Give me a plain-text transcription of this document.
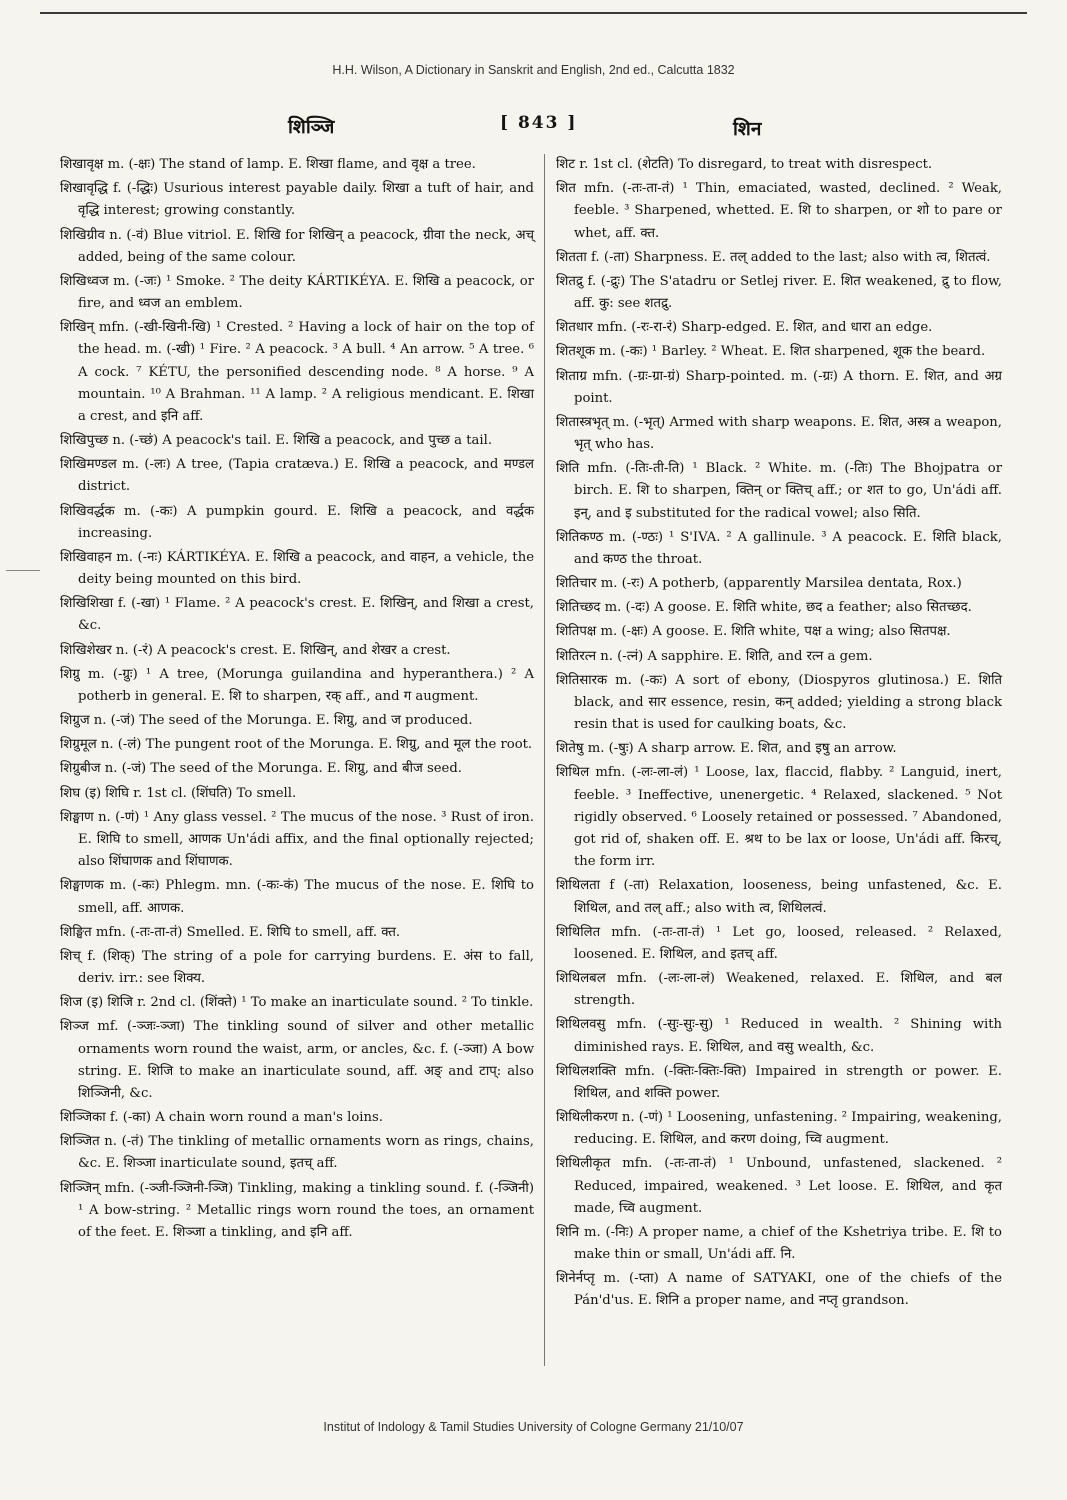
H.H. Wilson, A Dictionary in Sanskrit and English, 2nd ed., Calcutta 1832
शिञ्जि	[ 843 ]	शिन

शिखावृक्ष m. (-क्षः) The stand of lamp. E. शिखा flame, and वृक्ष a tree.

शिखावृद्धि f. (-द्धिः) Usurious interest payable daily. शिखा a tuft of hair, and वृद्धि interest; growing constantly.

शिखिग्रीव n. (-वं) Blue vitriol. E. शिखि for शिखिन् a peacock, ग्रीवा the neck, अच् added, being of the same colour.

शिखिध्वज m. (-जः) ¹ Smoke. ² The deity KÁRTIKÉYA. E. शिखि a peacock, or fire, and ध्वज an emblem.

शिखिन् mfn. (-खी-खिनी-खि) ¹ Crested. ² Having a lock of hair on the top of the head. m. (-खी) ¹ Fire. ² A peacock. ³ A bull. ⁴ An arrow. ⁵ A tree. ⁶ A cock. ⁷ KÉTU, the personified descending node. ⁸ A horse. ⁹ A mountain. ¹⁰ A Brahman. ¹¹ A lamp. ² A religious mendicant. E. शिखा a crest, and इनि aff.

शिखिपुच्छ n. (-च्छं) A peacock's tail. E. शिखि a peacock, and पुच्छ a tail.

शिखिमण्डल m. (-लः) A tree, (Tapia cratæva.) E. शिखि a peacock, and मण्डल district.

शिखिवर्द्धक m. (-कः) A pumpkin gourd. E. शिखि a peacock, and वर्द्धक increasing.

शिखिवाहन m. (-नः) KÁRTIKÉYA. E. शिखि a peacock, and वाहन, a vehicle, the deity being mounted on this bird.

शिखिशिखा f. (-खा) ¹ Flame. ² A peacock's crest. E. शिखिन्, and शिखा a crest, &c.

शिखिशेखर n. (-रं) A peacock's crest. E. शिखिन्, and शेखर a crest.

शिग्रु m. (-ग्रुः) ¹ A tree, (Morunga guilandina and hyperanthera.) ² A potherb in general. E. शि to sharpen, रक् aff., and ग augment.

शिग्रुज n. (-जं) The seed of the Morunga. E. शिग्रु, and ज produced.

शिग्रुमूल n. (-लं) The pungent root of the Morunga. E. शिग्रु, and मूल the root.

शिग्रुबीज n. (-जं) The seed of the Morunga. E. शिग्रु, and बीज seed.

शिघ (इ) शिघि r. 1st cl. (शिंघति) To smell.

शिङ्घाण n. (-णं) ¹ Any glass vessel. ² The mucus of the nose. ³ Rust of iron. E. शिघि to smell, आणक Un'ádi affix, and the final optionally rejected; also शिंघाणक and शिंघाणक.

शिङ्घाणक m. (-कः) Phlegm. mn. (-कः-कं) The mucus of the nose. E. शिघि to smell, aff. आणक.

शिङ्घित mfn. (-तः-ता-तं) Smelled. E. शिघि to smell, aff. क्त.

शिच् f. (शिक्) The string of a pole for carrying burdens. E. अंस to fall, deriv. irr.: see शिक्य.

शिज (इ) शिजि r. 2nd cl. (शिंक्ते) ¹ To make an inarticulate sound. ² To tinkle.

शिञ्ज mf. (-ञ्जः-ञ्जा) The tinkling sound of silver and other metallic ornaments worn round the waist, arm, or ancles, &c. f. (-ञ्जा) A bow string. E. शिजि to make an inarticulate sound, aff. अङ् and टाप्: also शिञ्जिनी, &c.

शिञ्जिका f. (-का) A chain worn round a man's loins.

शिञ्जित n. (-तं) The tinkling of metallic ornaments worn as rings, chains, &c. E. शिञ्जा inarticulate sound, इतच् aff.

शिञ्जिन् mfn. (-ञ्जी-ञ्जिनी-ञ्जि) Tinkling, making a tinkling sound. f. (-ञ्जिनी) ¹ A bow-string. ² Metallic rings worn round the toes, an ornament of the feet. E. शिञ्जा a tinkling, and इनि aff.

शिट r. 1st cl. (शेटति) To disregard, to treat with disrespect.

शित mfn. (-तः-ता-तं) ¹ Thin, emaciated, wasted, declined. ² Weak, feeble. ³ Sharpened, whetted. E. शि to sharpen, or शो to pare or whet, aff. क्त.

शितता f. (-ता) Sharpness. E. तल् added to the last; also with त्व, शितत्वं.

शितद्रु f. (-द्रुः) The S'atadru or Setlej river. E. शित weakened, द्रु to flow, aff. कु: see शतद्रु.

शितधार mfn. (-रः-रा-रं) Sharp-edged. E. शित, and धारा an edge.

शितशूक m. (-कः) ¹ Barley. ² Wheat. E. शित sharpened, शूक the beard.

शिताग्र mfn. (-ग्रः-ग्रा-ग्रं) Sharp-pointed. m. (-ग्रः) A thorn. E. शित, and अग्र point.

शितास्त्रभृत् m. (-भृत्) Armed with sharp weapons. E. शित, अस्त्र a weapon, भृत् who has.

शिति mfn. (-तिः-ती-ति) ¹ Black. ² White. m. (-तिः) The Bhojpatra or birch. E. शि to sharpen, क्तिन् or क्तिच् aff.; or शत to go, Un'ádi aff. इन्, and इ substituted for the radical vowel; also सिति.

शितिकण्ठ m. (-ण्ठः) ¹ S'IVA. ² A gallinule. ³ A peacock. E. शिति black, and कण्ठ the throat.

शितिचार m. (-रः) A potherb, (apparently Marsilea dentata, Rox.)

शितिच्छद m. (-दः) A goose. E. शिति white, छद a feather; also सितच्छद.

शितिपक्ष m. (-क्षः) A goose. E. शिति white, पक्ष a wing; also सितपक्ष.

शितिरत्न n. (-त्नं) A sapphire. E. शिति, and रत्न a gem.

शितिसारक m. (-कः) A sort of ebony, (Diospyros glutinosa.) E. शिति black, and सार essence, resin, कन् added; yielding a strong black resin that is used for caulking boats, &c.

शितेषु m. (-षुः) A sharp arrow. E. शित, and इषु an arrow.

शिथिल mfn. (-लः-ला-लं) ¹ Loose, lax, flaccid, flabby. ² Languid, inert, feeble. ³ Ineffective, unenergetic. ⁴ Relaxed, slackened. ⁵ Not rigidly observed. ⁶ Loosely retained or possessed. ⁷ Abandoned, got rid of, shaken off. E. श्रथ to be lax or loose, Un'ádi aff. किरच्, the form irr.

शिथिलता f (-ता) Relaxation, looseness, being unfastened, &c. E. शिथिल, and तल् aff.; also with त्व, शिथिलत्वं.

शिथिलित mfn. (-तः-ता-तं) ¹ Let go, loosed, released. ² Relaxed, loosened. E. शिथिल, and इतच् aff.

शिथिलबल mfn. (-लः-ला-लं) Weakened, relaxed. E. शिथिल, and बल strength.

शिथिलवसु mfn. (-सुः-सुः-सु) ¹ Reduced in wealth. ² Shining with diminished rays. E. शिथिल, and वसु wealth, &c.

शिथिलशक्ति mfn. (-क्तिः-क्तिः-क्ति) Impaired in strength or power. E. शिथिल, and शक्ति power.

शिथिलीकरण n. (-णं) ¹ Loosening, unfastening. ² Impairing, weakening, reducing. E. शिथिल, and करण doing, च्वि augment.

शिथिलीकृत mfn. (-तः-ता-तं) ¹ Unbound, unfastened, slackened. ² Reduced, impaired, weakened. ³ Let loose. E. शिथिल, and कृत made, च्वि augment.

शिनि m. (-निः) A proper name, a chief of the Kshetriya tribe. E. शि to make thin or small, Un'ádi aff. नि.

शिनेर्नप्तृ m. (-प्ता) A name of SATYAKI, one of the chiefs of the Pán'd'us. E. शिनि a proper name, and नप्तृ grandson.

Institut of Indology & Tamil Studies University of Cologne Germany 21/10/07
